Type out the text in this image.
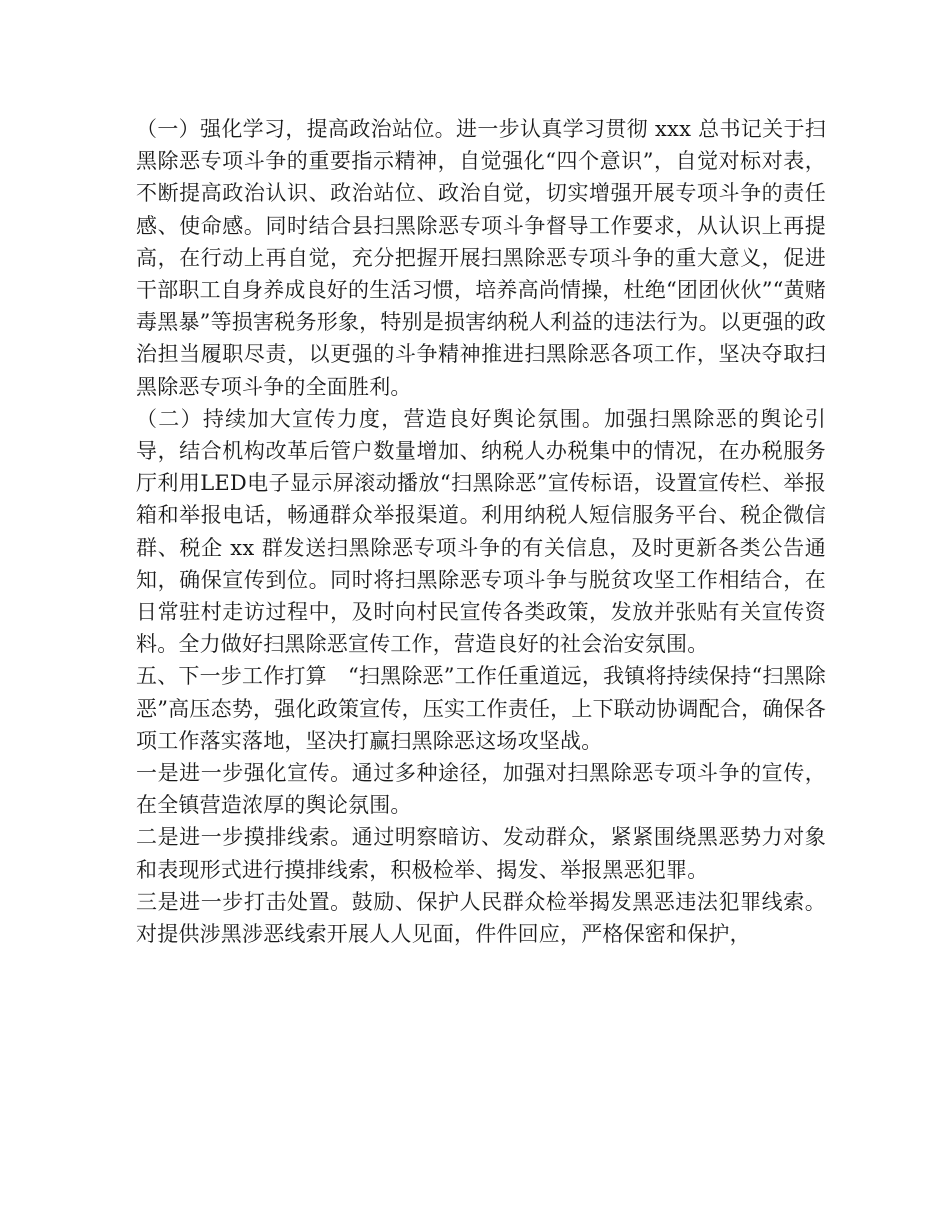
（一）强化学习，提高政治站位。进一步认真学习贯彻 xxx 总书记关于扫黑除恶专项斗争的重要指示精神，自觉强化“四个意识”，自觉对标对表，不断提高政治认识、政治站位、政治自觉，切实增强开展专项斗争的责任感、使命感。同时结合县扫黑除恶专项斗争督导工作要求，从认识上再提高，在行动上再自觉，充分把握开展扫黑除恶专项斗争的重大意义，促进干部职工自身养成良好的生活习惯，培养高尚情操，杜绝“团团伙伙”“黄赌毒黑暴”等损害税务形象，特别是损害纳税人利益的违法行为。以更强的政治担当履职尽责，以更强的斗争精神推进扫黑除恶各项工作，坚决夺取扫黑除恶专项斗争的全面胜利。

（二）持续加大宣传力度，营造良好舆论氛围。加强扫黑除恶的舆论引导，结合机构改革后管户数量增加、纳税人办税集中的情况，在办税服务厅利用LED电子显示屏滚动播放“扫黑除恶”宣传标语，设置宣传栏、举报箱和举报电话，畅通群众举报渠道。利用纳税人短信服务平台、税企微信群、税企 xx 群发送扫黑除恶专项斗争的有关信息，及时更新各类公告通知，确保宣传到位。同时将扫黑除恶专项斗争与脱贫攻坚工作相结合，在日常驻村走访过程中，及时向村民宣传各类政策，发放并张贴有关宣传资料。全力做好扫黑除恶宣传工作，营造良好的社会治安氛围。

五、下一步工作打算　“扫黑除恶”工作任重道远，我镇将持续保持“扫黑除恶”高压态势，强化政策宣传，压实工作责任，上下联动协调配合，确保各项工作落实落地，坚决打赢扫黑除恶这场攻坚战。

一是进一步强化宣传。通过多种途径，加强对扫黑除恶专项斗争的宣传，在全镇营造浓厚的舆论氛围。

二是进一步摸排线索。通过明察暗访、发动群众，紧紧围绕黑恶势力对象和表现形式进行摸排线索，积极检举、揭发、举报黑恶犯罪。

三是进一步打击处置。鼓励、保护人民群众检举揭发黑恶违法犯罪线索。对提供涉黑涉恶线索开展人人见面，件件回应，严格保密和保护，
